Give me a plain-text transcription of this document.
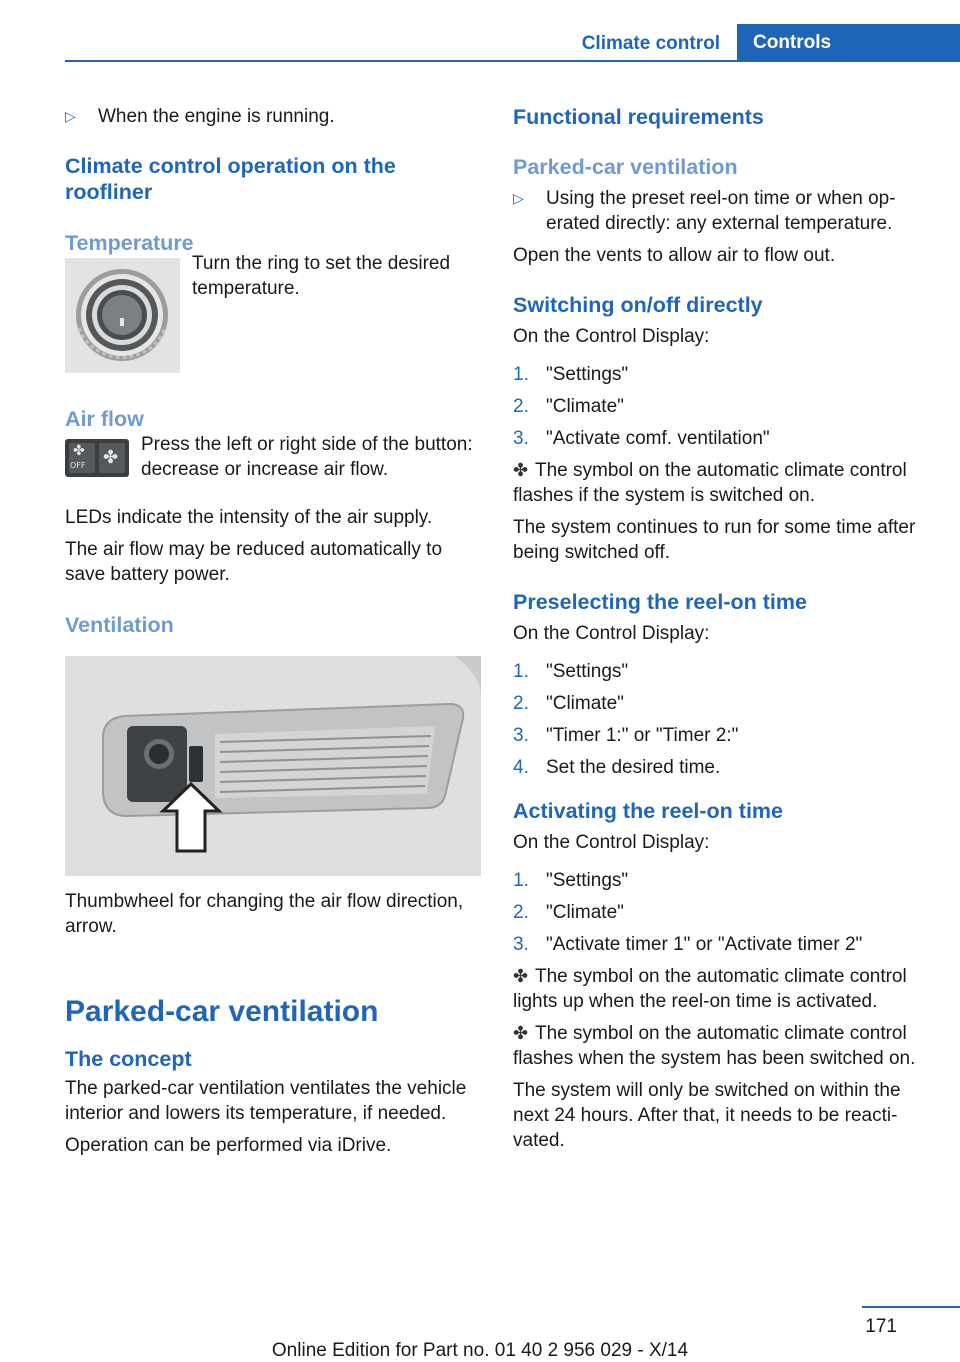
Climate control	Controls
▷	When the engine is running.
Climate control operation on the roofliner
Temperature

Turn the ring to set the desired temperature.

Air flow
✤
OFF ✤

Press the left or right side of the button: decrease or increase air flow.

LEDs indicate the intensity of the air supply.

The air flow may be reduced automatically to save battery power.

Ventilation

Thumbwheel for changing the air flow direction, arrow.

Parked-car ventilation
The concept

The parked-car ventilation ventilates the vehicle interior and lowers its temperature, if needed.

Operation can be performed via iDrive.

Functional requirements
Parked-car ventilation
▷	Using the preset reel-on time or when operated directly: any external temperature.

Open the vents to allow air to flow out.

Switching on/off directly

On the Control Display:

1. "Settings"
2. "Climate"
3. "Activate comf. ventilation"

✤ The symbol on the automatic climate control flashes if the system is switched on.

The system continues to run for some time after being switched off.

Preselecting the reel-on time

On the Control Display:

1. "Settings"
2. "Climate"
3. "Timer 1:" or "Timer 2:"
4. Set the desired time.
Activating the reel-on time

On the Control Display:

1. "Settings"
2. "Climate"
3. "Activate timer 1" or "Activate timer 2"

✤ The symbol on the automatic climate control lights up when the reel-on time is activated.

✤ The symbol on the automatic climate control flashes when the system has been switched on.

The system will only be switched on within the next 24 hours. After that, it needs to be reactivated.

171
Online Edition for Part no. 01 40 2 956 029 - X/14
